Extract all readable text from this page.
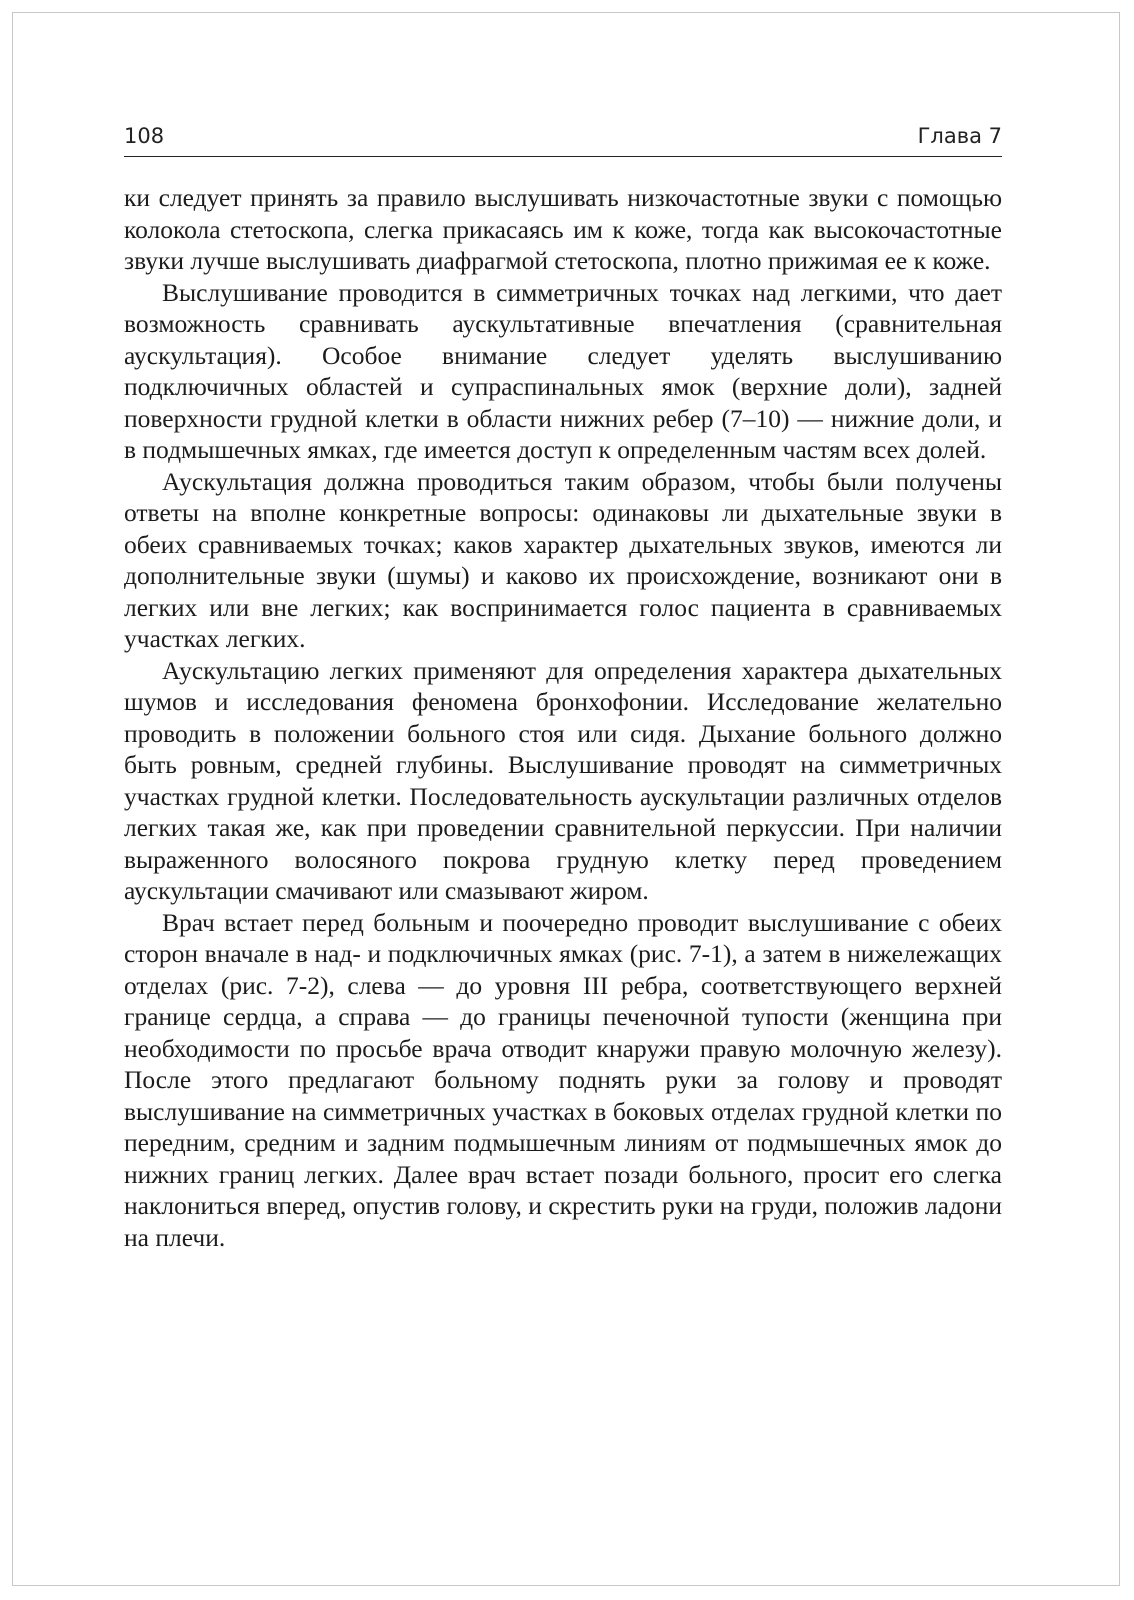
108	Глава 7

ки следует принять за правило выслушивать низкочастотные звуки с помощью колокола стетоскопа, слегка прикасаясь им к коже, тогда как высокочастотные звуки лучше выслушивать диафрагмой стетоскопа, плотно прижимая ее к коже.

Выслушивание проводится в симметричных точках над легкими, что дает возможность сравнивать аускультативные впечатления (сравнительная аускультация). Особое внимание следует уделять выслушиванию подключичных областей и супраспинальных ямок (верхние доли), задней поверхности грудной клетки в области нижних ребер (7–10) — нижние доли, и в подмышечных ямках, где имеется доступ к определенным частям всех долей.

Аускультация должна проводиться таким образом, чтобы были получены ответы на вполне конкретные вопросы: одинаковы ли дыхательные звуки в обеих сравниваемых точках; каков характер дыхательных звуков, имеются ли дополнительные звуки (шумы) и каково их происхождение, возникают они в легких или вне легких; как воспринимается голос пациента в сравниваемых участках легких.

Аускультацию легких применяют для определения характера дыхательных шумов и исследования феномена бронхофонии. Исследование желательно проводить в положении больного стоя или сидя. Дыхание больного должно быть ровным, средней глубины. Выслушивание проводят на симметричных участках грудной клетки. Последовательность аускультации различных отделов легких такая же, как при проведении сравнительной перкуссии. При наличии выраженного волосяного покрова грудную клетку перед проведением аускультации смачивают или смазывают жиром.

Врач встает перед больным и поочередно проводит выслушивание с обеих сторон вначале в над- и подключичных ямках (рис. 7-1), а затем в нижележащих отделах (рис. 7-2), слева — до уровня III ребра, соответствующего верхней границе сердца, а справа — до границы печеночной тупости (женщина при необходимости по просьбе врача отводит кнаружи правую молочную железу). После этого предлагают больному поднять руки за голову и проводят выслушивание на симметричных участках в боковых отделах грудной клетки по передним, средним и задним подмышечным линиям от подмышечных ямок до нижних границ легких. Далее врач встает позади больного, просит его слегка наклониться вперед, опустив голову, и скрестить руки на груди, положив ладони на плечи.
